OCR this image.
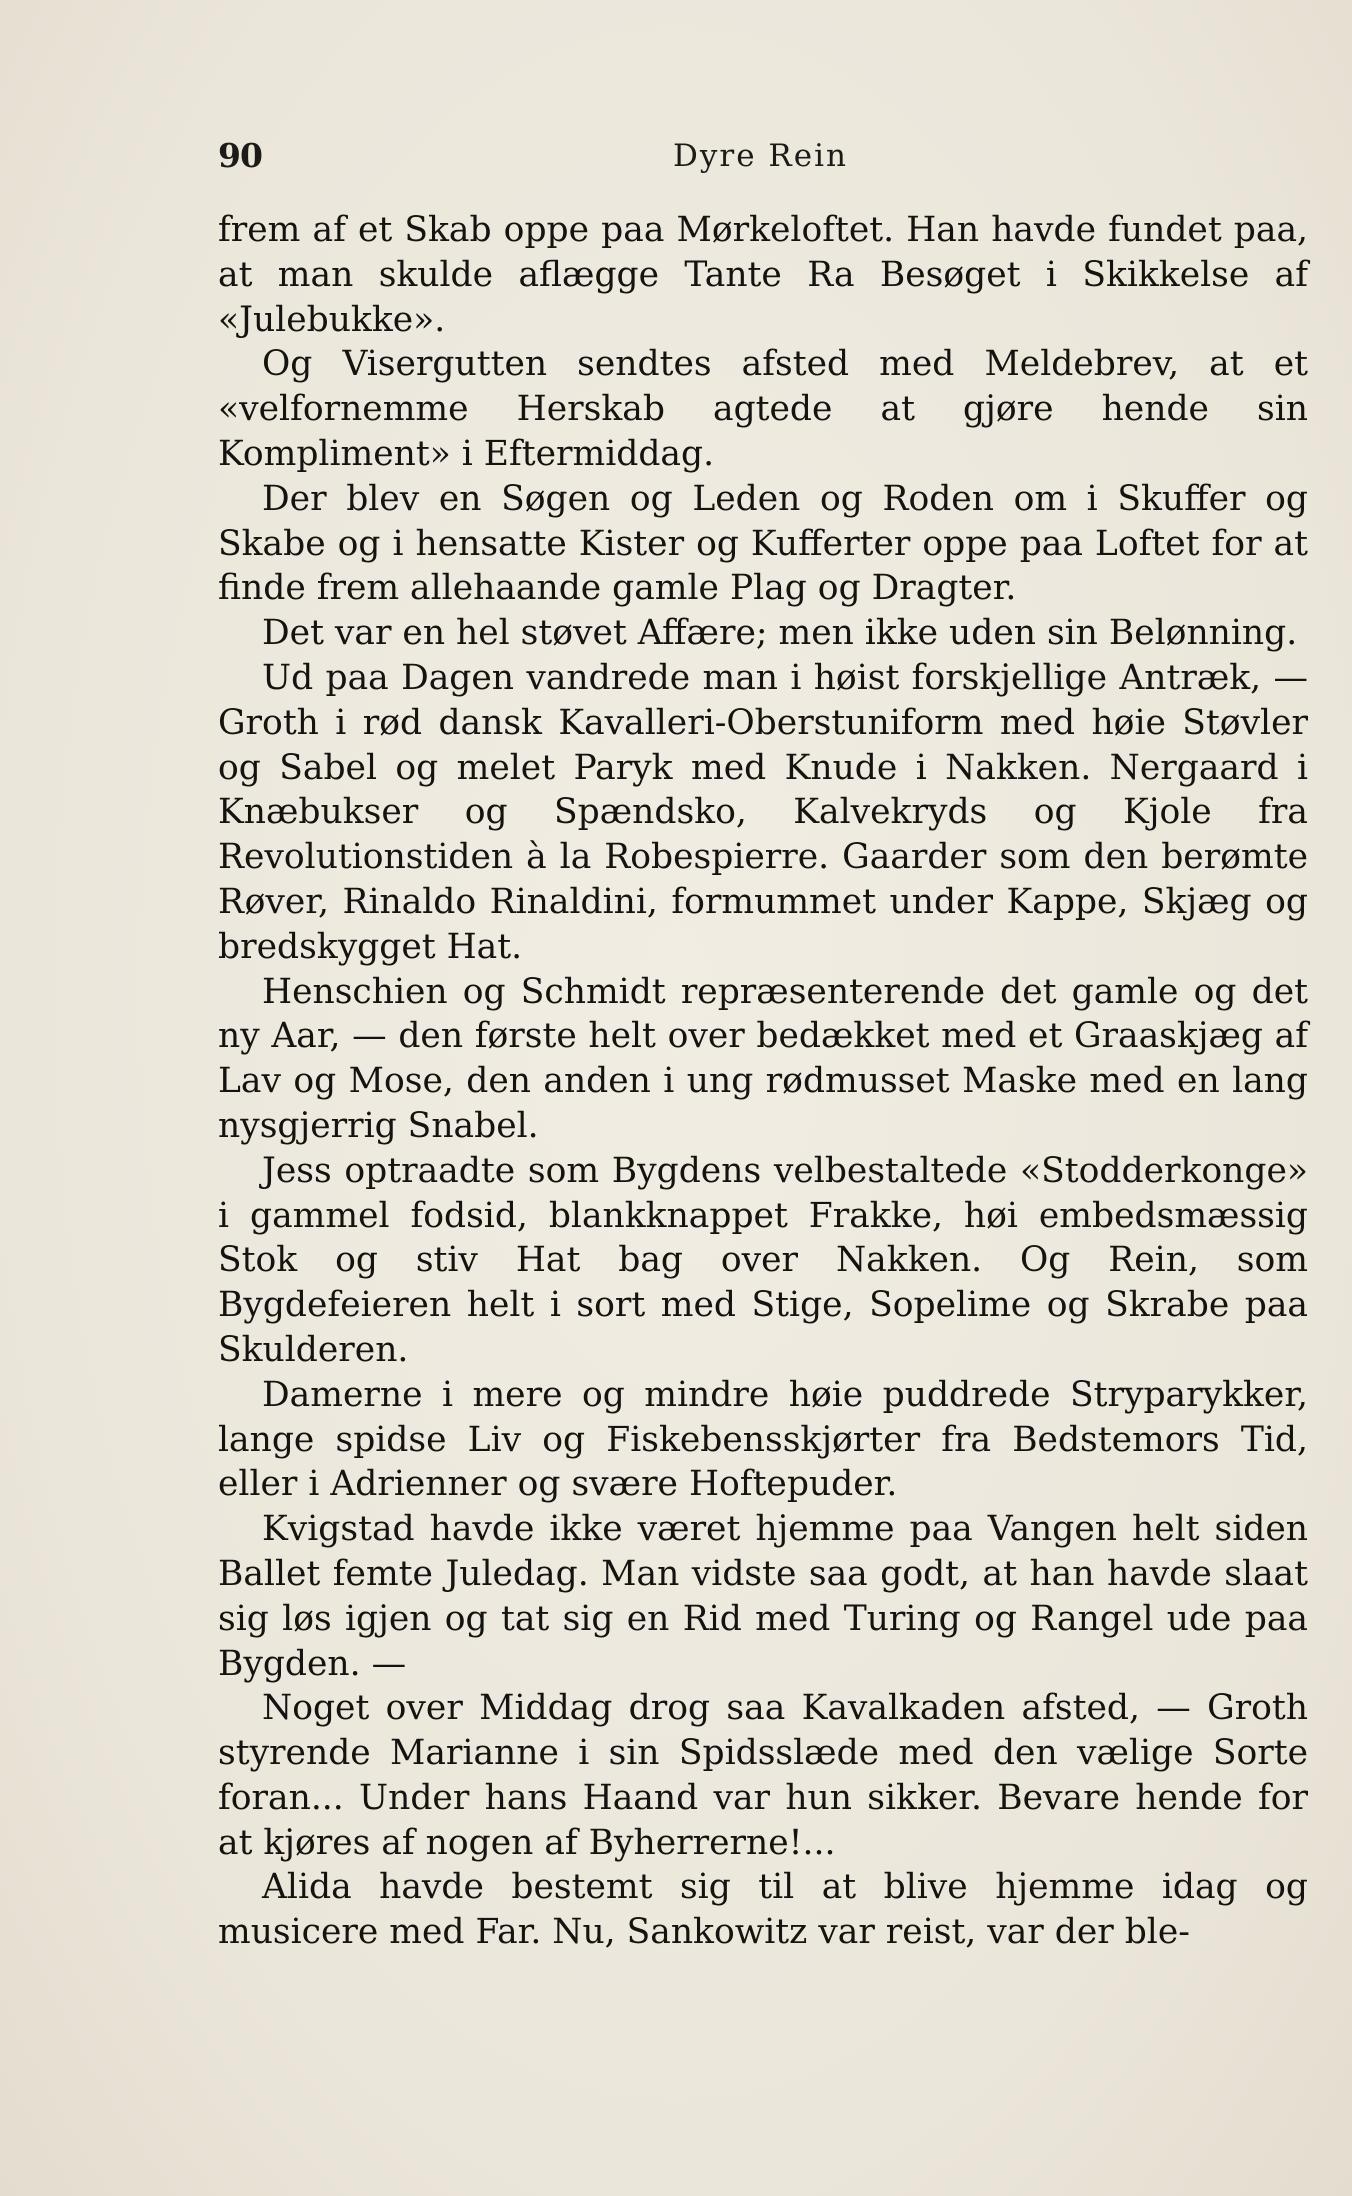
90	Dyre Rein

frem af et Skab oppe paa Mørkeloftet. Han havde fundet paa, at man skulde aflægge Tante Ra Besøget i Skikkelse af «Julebukke».

Og Visergutten sendtes afsted med Meldebrev, at et «velfornemme Herskab agtede at gjøre hende sin Kompliment» i Eftermiddag.

Der blev en Søgen og Leden og Roden om i Skuffer og Skabe og i hensatte Kister og Kufferter oppe paa Loftet for at finde frem allehaande gamle Plag og Dragter.

Det var en hel støvet Affære; men ikke uden sin Belønning.

Ud paa Dagen vandrede man i høist forskjellige Antræk, — Groth i rød dansk Kavalleri-Oberstuniform med høie Støvler og Sabel og melet Paryk med Knude i Nakken. Nergaard i Knæbukser og Spændsko, Kalvekryds og Kjole fra Revolutionstiden à la Robespierre. Gaarder som den berømte Røver, Rinaldo Rinaldini, formummet under Kappe, Skjæg og bredskygget Hat.

Henschien og Schmidt repræsenterende det gamle og det ny Aar, — den første helt over bedækket med et Graaskjæg af Lav og Mose, den anden i ung rødmusset Maske med en lang nysgjerrig Snabel.

Jess optraadte som Bygdens velbestaltede «Stodderkonge» i gammel fodsid, blankknappet Frakke, høi embedsmæssig Stok og stiv Hat bag over Nakken. Og Rein, som Bygdefeieren helt i sort med Stige, Sopelime og Skrabe paa Skulderen.

Damerne i mere og mindre høie puddrede Stryparykker, lange spidse Liv og Fiskebensskjørter fra Bedstemors Tid, eller i Adrienner og svære Hoftepuder.

Kvigstad havde ikke været hjemme paa Vangen helt siden Ballet femte Juledag. Man vidste saa godt, at han havde slaat sig løs igjen og tat sig en Rid med Turing og Rangel ude paa Bygden. —

Noget over Middag drog saa Kavalkaden afsted, — Groth styrende Marianne i sin Spidsslæde med den vælige Sorte foran... Under hans Haand var hun sikker. Bevare hende for at kjøres af nogen af Byherrerne!...

Alida havde bestemt sig til at blive hjemme idag og musicere med Far. Nu, Sankowitz var reist, var der ble-
